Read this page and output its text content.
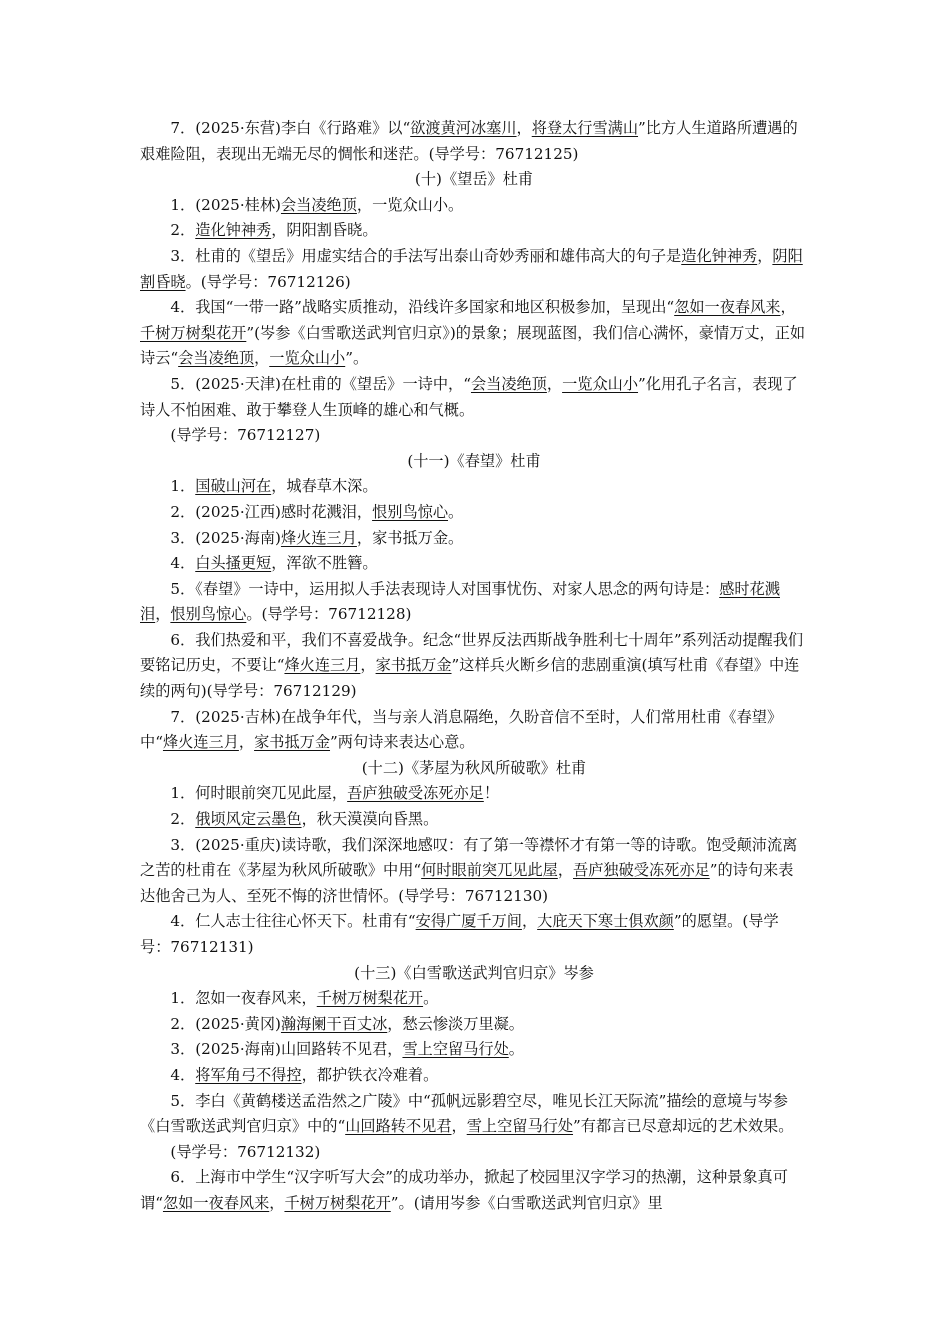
7．(2025·东营)李白《行路难》以“欲渡黄河冰塞川，将登太行雪满山”比方人生道路所遭遇的艰难险阻，表现出无端无尽的惆怅和迷茫。(导学号：76712125)

(十)《望岳》杜甫

1．(2025·桂林)会当凌绝顶，一览众山小。

2．造化钟神秀，阴阳割昏晓。

3．杜甫的《望岳》用虚实结合的手法写出泰山奇妙秀丽和雄伟高大的句子是造化钟神秀，阴阳割昏晓。(导学号：76712126)

4．我国“一带一路”战略实质推动，沿线许多国家和地区积极参加，呈现出“忽如一夜春风来，千树万树梨花开”(岑参《白雪歌送武判官归京》)的景象；展现蓝图，我们信心满怀，豪情万丈，正如诗云“会当凌绝顶，一览众山小”。

5．(2025·天津)在杜甫的《望岳》一诗中，“会当凌绝顶，一览众山小”化用孔子名言，表现了诗人不怕困难、敢于攀登人生顶峰的雄心和气概。

(导学号：76712127)

(十一)《春望》杜甫

1．国破山河在，城春草木深。

2．(2025·江西)感时花溅泪，恨别鸟惊心。

3．(2025·海南)烽火连三月，家书抵万金。

4．白头搔更短，浑欲不胜簪。

5．《春望》一诗中，运用拟人手法表现诗人对国事忧伤、对家人思念的两句诗是：感时花溅泪，恨别鸟惊心。(导学号：76712128)

6．我们热爱和平，我们不喜爱战争。纪念“世界反法西斯战争胜利七十周年”系列活动提醒我们要铭记历史，不要让“烽火连三月，家书抵万金”这样兵火断乡信的悲剧重演(填写杜甫《春望》中连续的两句)(导学号：76712129)

7．(2025·吉林)在战争年代，当与亲人消息隔绝，久盼音信不至时，人们常用杜甫《春望》中“烽火连三月，家书抵万金”两句诗来表达心意。

(十二)《茅屋为秋风所破歌》杜甫

1．何时眼前突兀见此屋，吾庐独破受冻死亦足！

2．俄顷风定云墨色，秋天漠漠向昏黑。

3．(2025·重庆)读诗歌，我们深深地感叹：有了第一等襟怀才有第一等的诗歌。饱受颠沛流离之苦的杜甫在《茅屋为秋风所破歌》中用“何时眼前突兀见此屋，吾庐独破受冻死亦足”的诗句来表达他舍己为人、至死不悔的济世情怀。(导学号：76712130)

4．仁人志士往往心怀天下。杜甫有“安得广厦千万间，大庇天下寒士俱欢颜”的愿望。(导学号：76712131)

(十三)《白雪歌送武判官归京》岑参

1．忽如一夜春风来，千树万树梨花开。

2．(2025·黄冈)瀚海阑干百丈冰，愁云惨淡万里凝。

3．(2025·海南)山回路转不见君，雪上空留马行处。

4．将军角弓不得控，都护铁衣冷难着。

5．李白《黄鹤楼送孟浩然之广陵》中“孤帆远影碧空尽，唯见长江天际流”描绘的意境与岑参《白雪歌送武判官归京》中的“山回路转不见君，雪上空留马行处”有都言已尽意却远的艺术效果。

(导学号：76712132)

6．上海市中学生“汉字听写大会”的成功举办，掀起了校园里汉字学习的热潮，这种景象真可谓“忽如一夜春风来，千树万树梨花开”。(请用岑参《白雪歌送武判官归京》里
